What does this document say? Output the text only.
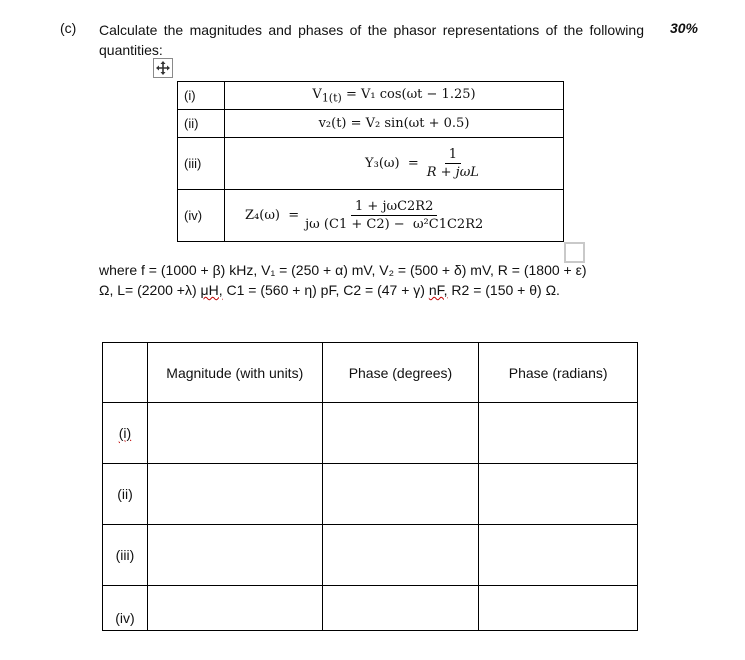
(c) Calculate the magnitudes and phases of the phasor representations of the following quantities:
30%
(i)	$V_{1(t)} = V_1$ cos(ωt − 1.25)
(ii)	v₂(t) = V₂ sin(ωt + 0.5)
(iii)	$Y_3(\omega) = \frac{1}{\text{R + jωL}}$

(iv)	$Z_4(\omega) = \frac{\text{1 + jωC2R2}}{\text{jω (C1 + C2) −  ω²C1C2R2}}$
where f = (1000 + β) kHz, V₁ = (250 + α) mV, V₂ = (500 + δ) mV, R = (1800 + ε)
Ω, L= (2200 +λ) μH, C1 = (560 + η) pF, C2 = (47 + γ) nF, R2 = (150 + θ) Ω.
	Magnitude (with units)	Phase (degrees)	Phase (radians)
(i)			
(ii)			
(iii)			
(iv)			
